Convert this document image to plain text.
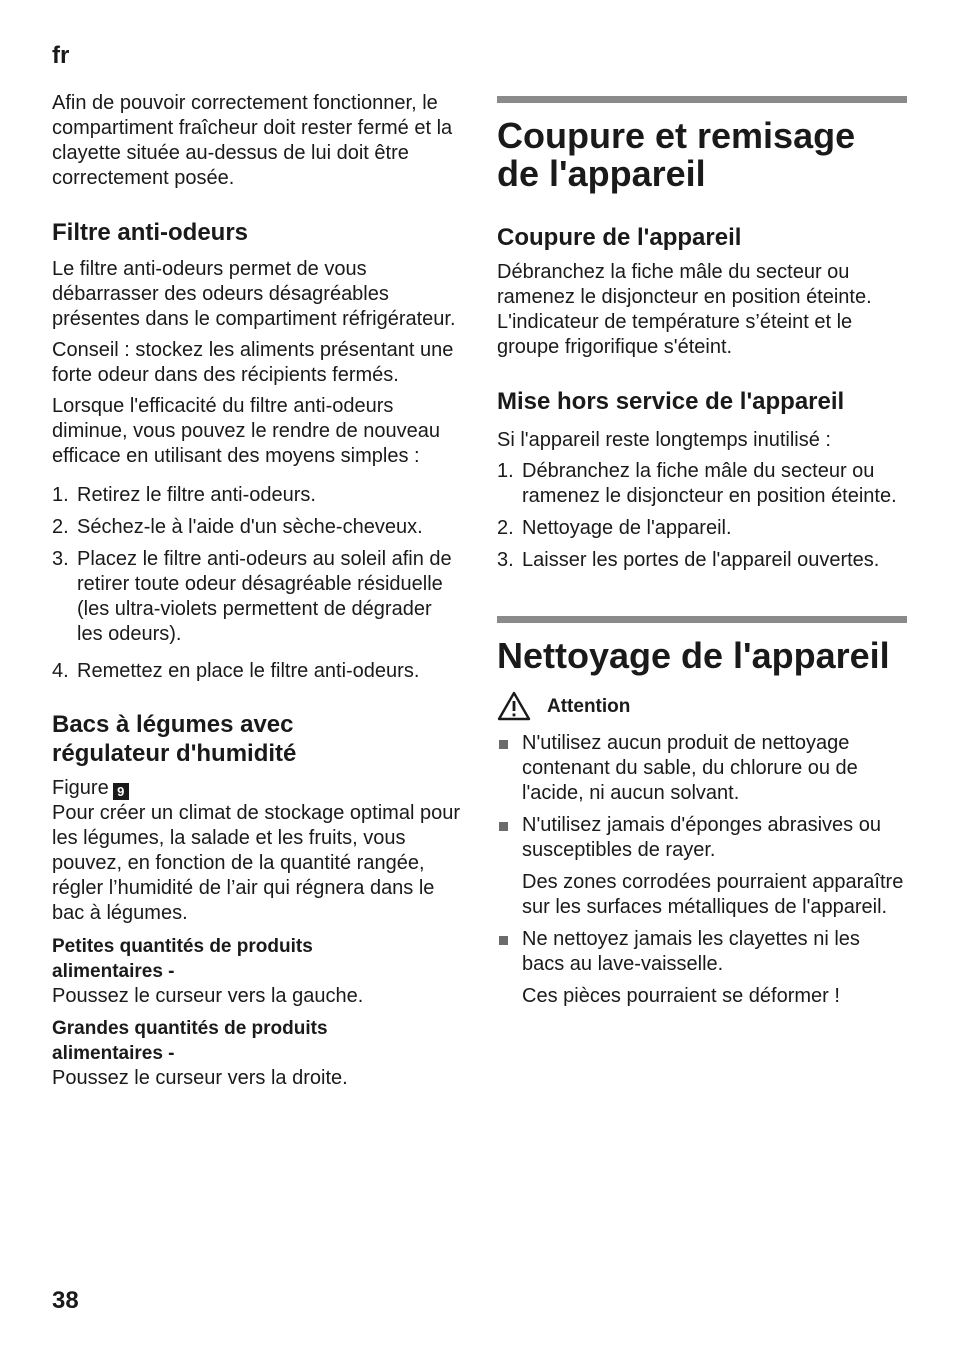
fr

Afin de pouvoir correctement fonctionner, le compartiment fraîcheur doit rester fermé et la clayette située au-dessus de lui doit être correctement posée.

Filtre anti-odeurs

Le filtre anti-odeurs permet de vous débarrasser des odeurs désagréables présentes dans le compartiment réfrigérateur.

Conseil : stockez les aliments présentant une forte odeur dans des récipients fermés.

Lorsque l'efficacité du filtre anti-odeurs diminue, vous pouvez le rendre de nouveau efficace en utilisant des moyens simples :

1. Retirez le filtre anti-odeurs.
2. Séchez-le à l'aide d'un sèche-cheveux.
3. Placez le filtre anti-odeurs au soleil afin de retirer toute odeur désagréable résiduelle (les ultra-violets permettent de dégrader les odeurs).
4. Remettez en place le filtre anti-odeurs.
Bacs à légumes avec régulateur d'humidité

Figure 9

Pour créer un climat de stockage optimal pour les légumes, la salade et les fruits, vous pouvez, en fonction de la quantité rangée, régler l’humidité de l’air qui régnera dans le bac à légumes.

Petites quantités de produits alimentaires -

Poussez le curseur vers la gauche.

Grandes quantités de produits alimentaires -

Poussez le curseur vers la droite.

Coupure et remisage de l'appareil
Coupure de l'appareil

Débranchez la fiche mâle du secteur ou ramenez le disjoncteur en position éteinte.

L'indicateur de température s’éteint et le groupe frigorifique s'éteint.

Mise hors service de l'appareil

Si l'appareil reste longtemps inutilisé :

1. Débranchez la fiche mâle du secteur ou ramenez le disjoncteur en position éteinte.
2. Nettoyage de l'appareil.
3. Laisser les portes de l'appareil ouvertes.
Nettoyage de l'appareil
Attention
N'utilisez aucun produit de nettoyage contenant du sable, du chlorure ou de l'acide, ni aucun solvant.
N'utilisez jamais d'éponges abrasives ou susceptibles de rayer.
Des zones corrodées pourraient apparaître sur les surfaces métalliques de l'appareil.
Ne nettoyez jamais les clayettes ni les bacs au lave-vaisselle.
Ces pièces pourraient se déformer !
38
